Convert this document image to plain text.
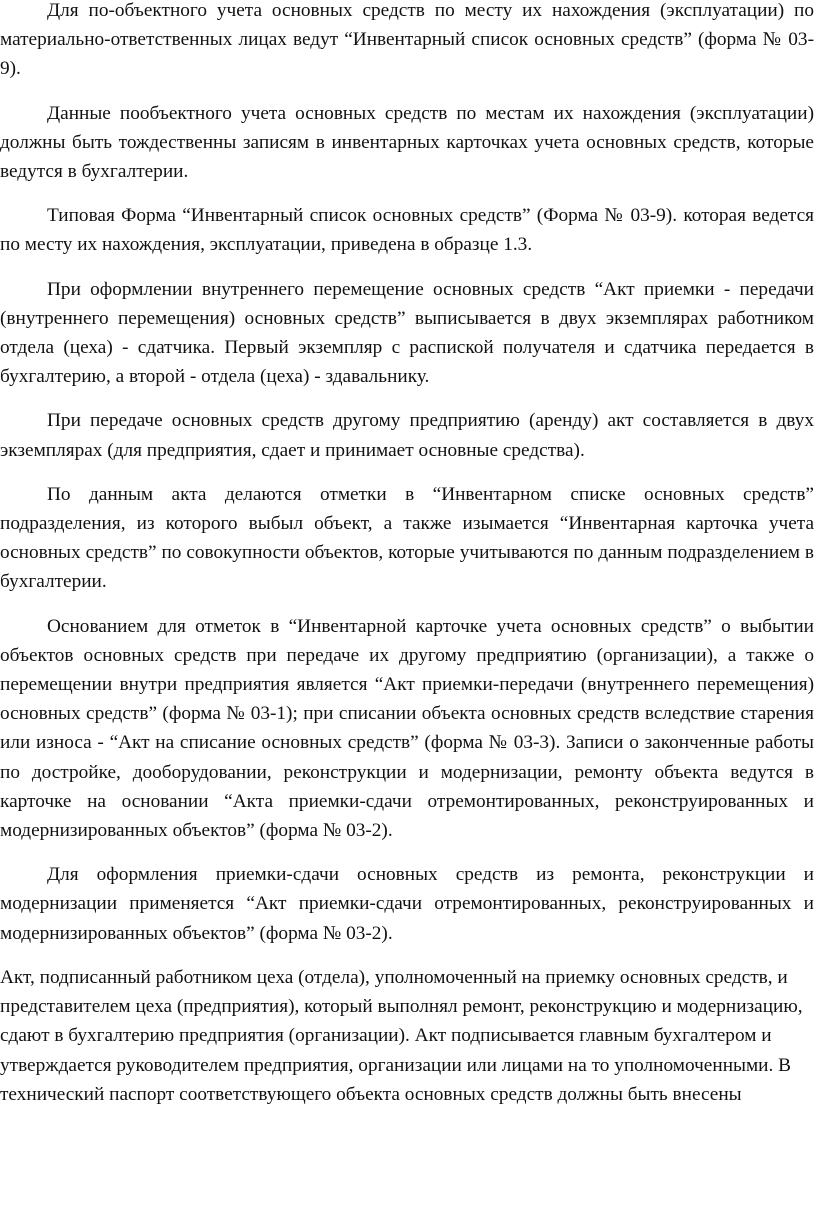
Для по-объектного учета основных средств по месту их нахождения (эксплуатации) по материально-ответственных лицах ведут “Инвентарный список основных средств” (форма № 03-9).

Данные пообъектного учета основных средств по местам их нахождения (эксплуатации) должны быть тождественны записям в инвентарных карточках учета основных средств, которые ведутся в бухгалтерии.

Типовая Форма “Инвентарный список основных средств” (Форма № 03-9). которая ведется по месту их нахождения, эксплуатации, приведена в образце 1.3.

При оформлении внутреннего перемещение основных средств “Акт приемки - передачи (внутреннего перемещения) основных средств” выписывается в двух экземплярах работником отдела (цеха) - сдатчика. Первый экземпляр с распиской получателя и сдатчика передается в бухгалтерию, а второй - отдела (цеха) - здавальнику.

При передаче основных средств другому предприятию (аренду) акт составляется в двух экземплярах (для предприятия, сдает и принимает основные средства).

По данным акта делаются отметки в “Инвентарном списке основных средств” подразделения, из которого выбыл объект, а также изымается “Инвентарная карточка учета основных средств” по совокупности объектов, которые учитываются по данным подразделением в бухгалтерии.

Основанием для отметок в “Инвентарной карточке учета основных средств” о выбытии объектов основных средств при передаче их другому предприятию (организации), а также о перемещении внутри предприятия является “Акт приемки-передачи (внутреннего перемещения) основных средств” (форма № 03-1); при списании объекта основных средств вследствие старения или износа - “Акт на списание основных средств” (форма № 03-3). Записи о законченные работы по достройке, дооборудовании, реконструкции и модернизации, ремонту объекта ведутся в карточке на основании “Акта приемки-сдачи отремонтированных, реконструированных и модернизированных объектов” (форма № 03-2).

Для оформления приемки-сдачи основных средств из ремонта, реконструкции и модернизации применяется “Акт приемки-сдачи отремонтированных, реконструированных и модернизированных объектов” (форма № 03-2).

Акт, подписанный работником цеха (отдела), уполномоченный на приемку основных средств, и представителем цеха (предприятия), который выполнял ремонт, реконструкцию и модернизацию, сдают в бухгалтерию предприятия (организации). Акт подписывается главным бухгалтером и утверждается руководителем предприятия, организации или лицами на то уполномоченными. В технический паспорт соответствующего объекта основных средств должны быть внесены
